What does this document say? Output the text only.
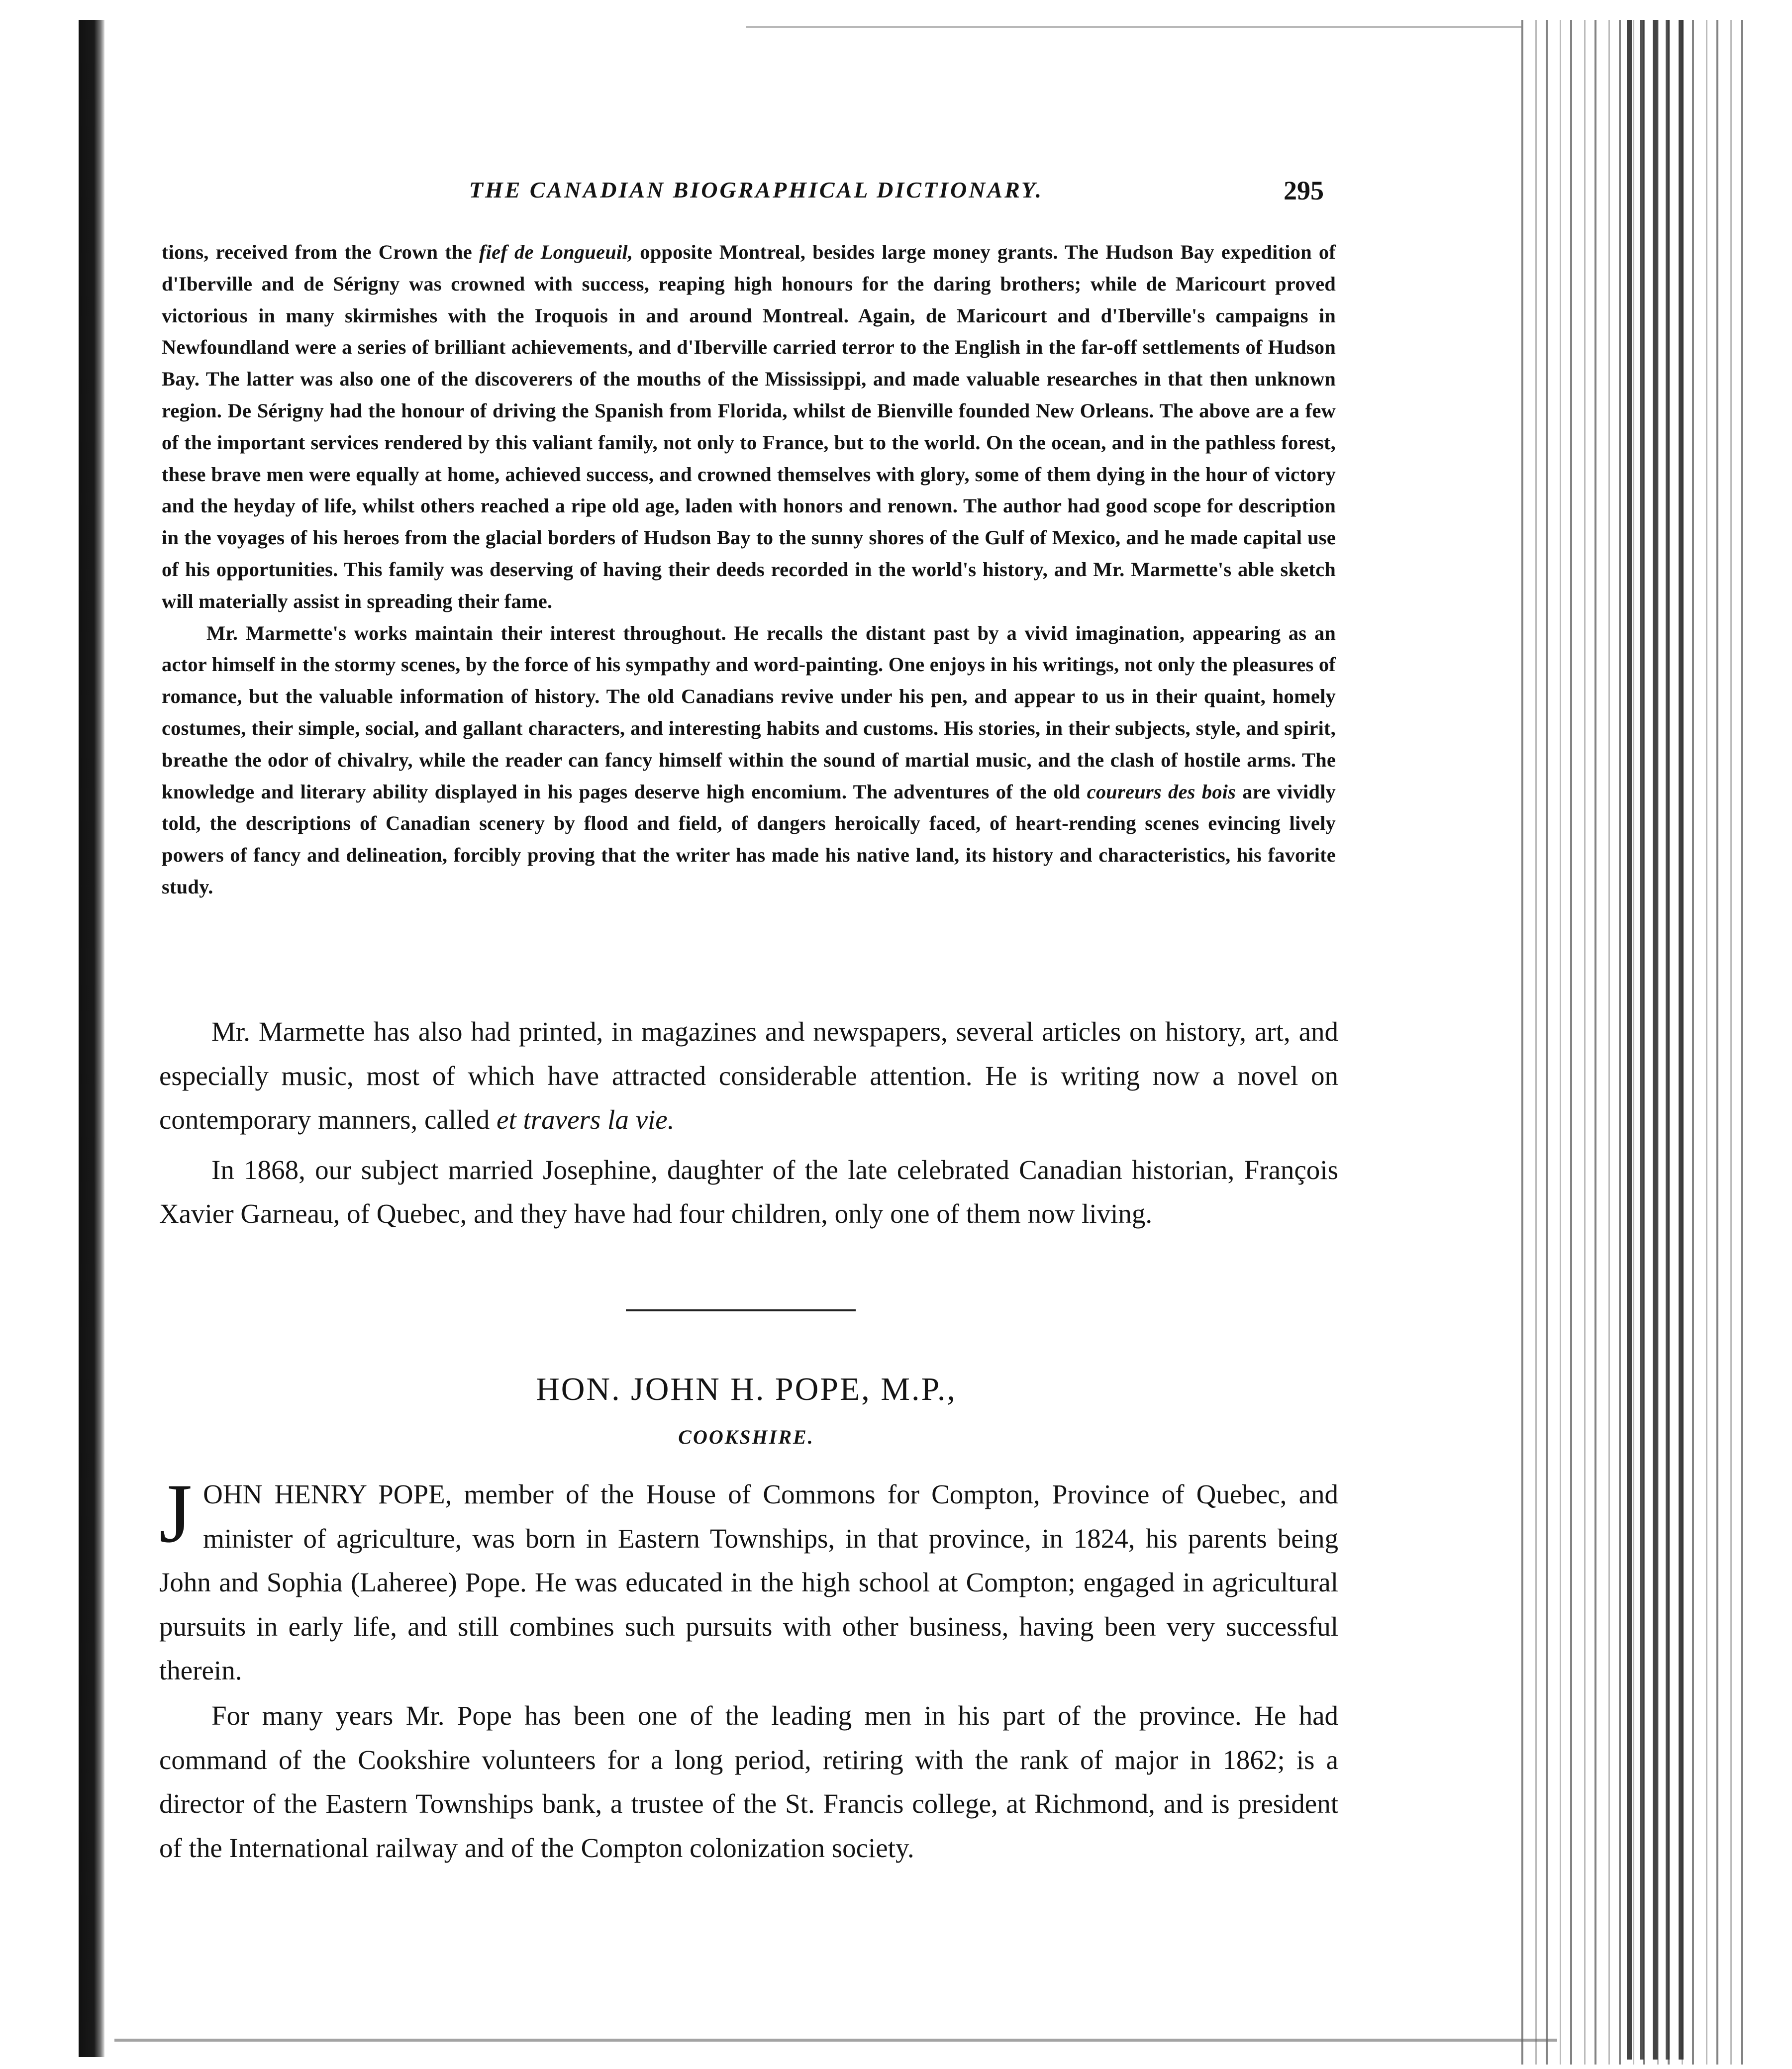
THE CANADIAN BIOGRAPHICAL DICTIONARY.	295

tions, received from the Crown the fief de Longueuil, opposite Montreal, besides large money grants. The Hudson Bay expedition of d'Iberville and de Sérigny was crowned with success, reaping high honours for the daring brothers; while de Maricourt proved victorious in many skirmishes with the Iroquois in and around Montreal. Again, de Maricourt and d'Iberville's campaigns in Newfoundland were a series of brilliant achievements, and d'Iberville carried terror to the English in the far-off settlements of Hudson Bay. The latter was also one of the discoverers of the mouths of the Mississippi, and made valuable researches in that then unknown region. De Sérigny had the honour of driving the Spanish from Florida, whilst de Bienville founded New Orleans. The above are a few of the important services rendered by this valiant family, not only to France, but to the world. On the ocean, and in the pathless forest, these brave men were equally at home, achieved success, and crowned themselves with glory, some of them dying in the hour of victory and the heyday of life, whilst others reached a ripe old age, laden with honors and renown. The author had good scope for description in the voyages of his heroes from the glacial borders of Hudson Bay to the sunny shores of the Gulf of Mexico, and he made capital use of his opportunities. This family was deserving of having their deeds recorded in the world's history, and Mr. Marmette's able sketch will materially assist in spreading their fame.

Mr. Marmette's works maintain their interest throughout. He recalls the distant past by a vivid imagination, appearing as an actor himself in the stormy scenes, by the force of his sympathy and word-painting. One enjoys in his writings, not only the pleasures of romance, but the valuable information of history. The old Canadians revive under his pen, and appear to us in their quaint, homely costumes, their simple, social, and gallant characters, and interesting habits and customs. His stories, in their subjects, style, and spirit, breathe the odor of chivalry, while the reader can fancy himself within the sound of martial music, and the clash of hostile arms. The knowledge and literary ability displayed in his pages deserve high encomium. The adventures of the old coureurs des bois are vividly told, the descriptions of Canadian scenery by flood and field, of dangers heroically faced, of heart-rending scenes evincing lively powers of fancy and delineation, forcibly proving that the writer has made his native land, its history and characteristics, his favorite study.

Mr. Marmette has also had printed, in magazines and newspapers, several articles on history, art, and especially music, most of which have attracted considerable attention. He is writing now a novel on contemporary manners, called et travers la vie.

In 1868, our subject married Josephine, daughter of the late celebrated Canadian historian, François Xavier Garneau, of Quebec, and they have had four children, only one of them now living.

HON. JOHN H. POPE, M.P.,
COOKSHIRE.

JOHN HENRY POPE, member of the House of Commons for Compton, Province of Quebec, and minister of agriculture, was born in Eastern Townships, in that province, in 1824, his parents being John and Sophia (Laheree) Pope. He was educated in the high school at Compton; engaged in agricultural pursuits in early life, and still combines such pursuits with other business, having been very successful therein.

For many years Mr. Pope has been one of the leading men in his part of the province. He had command of the Cookshire volunteers for a long period, retiring with the rank of major in 1862; is a director of the Eastern Townships bank, a trustee of the St. Francis college, at Richmond, and is president of the International railway and of the Compton colonization society.
